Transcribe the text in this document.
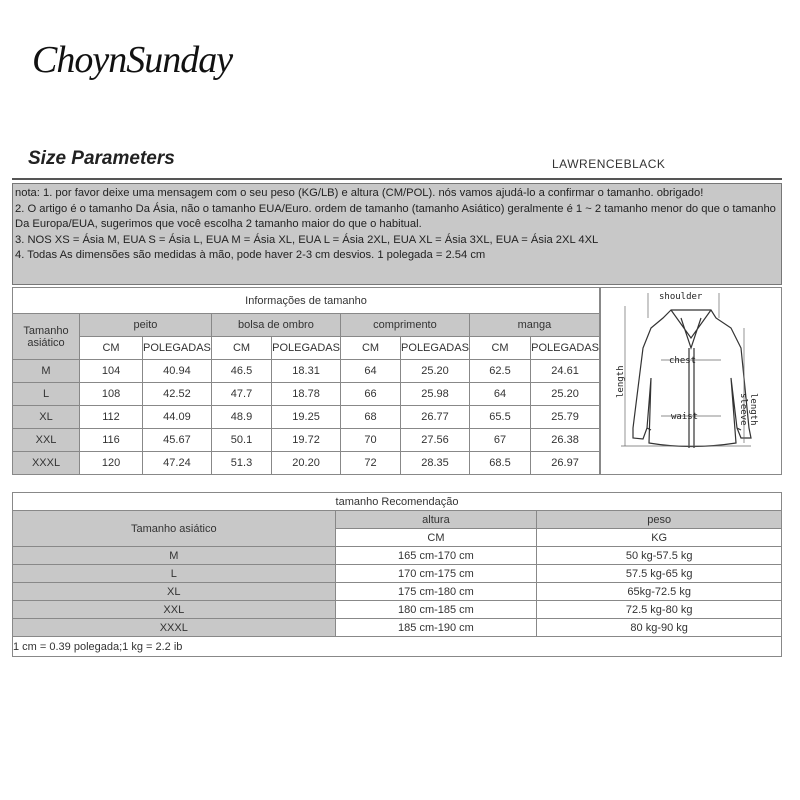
ChoynSunday
Size Parameters	LAWRENCEBLACK
nota: 1. por favor deixe uma mensagem com o seu peso (KG/LB) e altura (CM/POL). nós vamos ajudá-lo a confirmar o tamanho. obrigado!
2. O artigo é o tamanho Da Ásia, não o tamanho EUA/Euro. ordem de tamanho (tamanho Asiático) geralmente é 1 ~ 2 tamanho menor do que o tamanho Da Europa/EUA, sugerimos que você escolha 2 tamanho maior do que o habitual.
3. NOS XS = Ásia M, EUA S = Ásia L, EUA M = Ásia XL, EUA L = Ásia 2XL, EUA XL = Ásia 3XL, EUA = Ásia 2XL 4XL
4. Todas As dimensões são medidas à mão, pode haver 2-3 cm desvios. 1 polegada = 2.54 cm
Informações de tamanho								
Tamanho asiático	peito		bolsa de ombro		comprimento		manga	
	CM	POLEGADAS	CM	POLEGADAS	CM	POLEGADAS	CM	POLEGADAS
M	104	40.94	46.5	18.31	64	25.20	62.5	24.61
L	108	42.52	47.7	18.78	66	25.98	64	25.20
XL	112	44.09	48.9	19.25	68	26.77	65.5	25.79
XXL	116	45.67	50.1	19.72	70	27.56	67	26.38
XXXL	120	47.24	51.3	20.20	72	28.35	68.5	26.97
shoulder
chest
waist
length
sleeve length
tamanho Recomendação		
Tamanho asiático	altura	peso
	CM	KG
M	165 cm-170 cm	50 kg-57.5 kg
L	170 cm-175 cm	57.5 kg-65 kg
XL	175 cm-180 cm	65kg-72.5 kg
XXL	180 cm-185 cm	72.5 kg-80 kg
XXXL	185 cm-190 cm	80 kg-90 kg
1 cm = 0.39 polegada;1 kg = 2.2 ib		
